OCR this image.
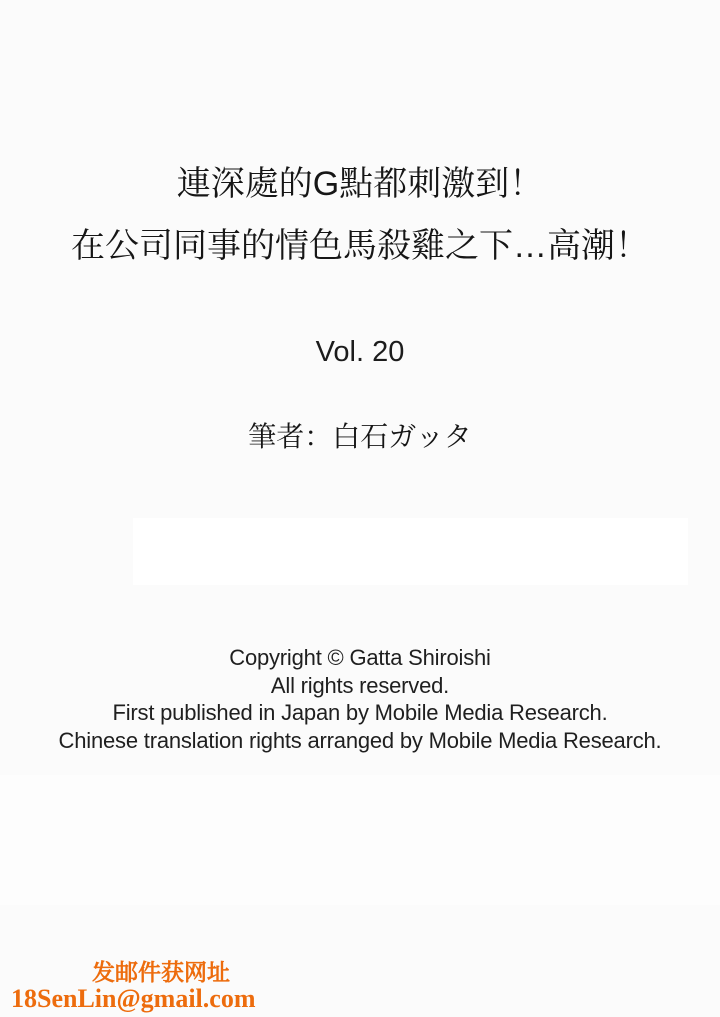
連深處的G點都刺激到！
在公司同事的情色馬殺雞之下…高潮！
Vol. 20
筆者：白石ガッタ
Copyright © Gatta Shiroishi
All rights reserved.
First published in Japan by Mobile Media Research.
Chinese translation rights arranged by Mobile Media Research.
发邮件获网址
18SenLin@gmail.com
